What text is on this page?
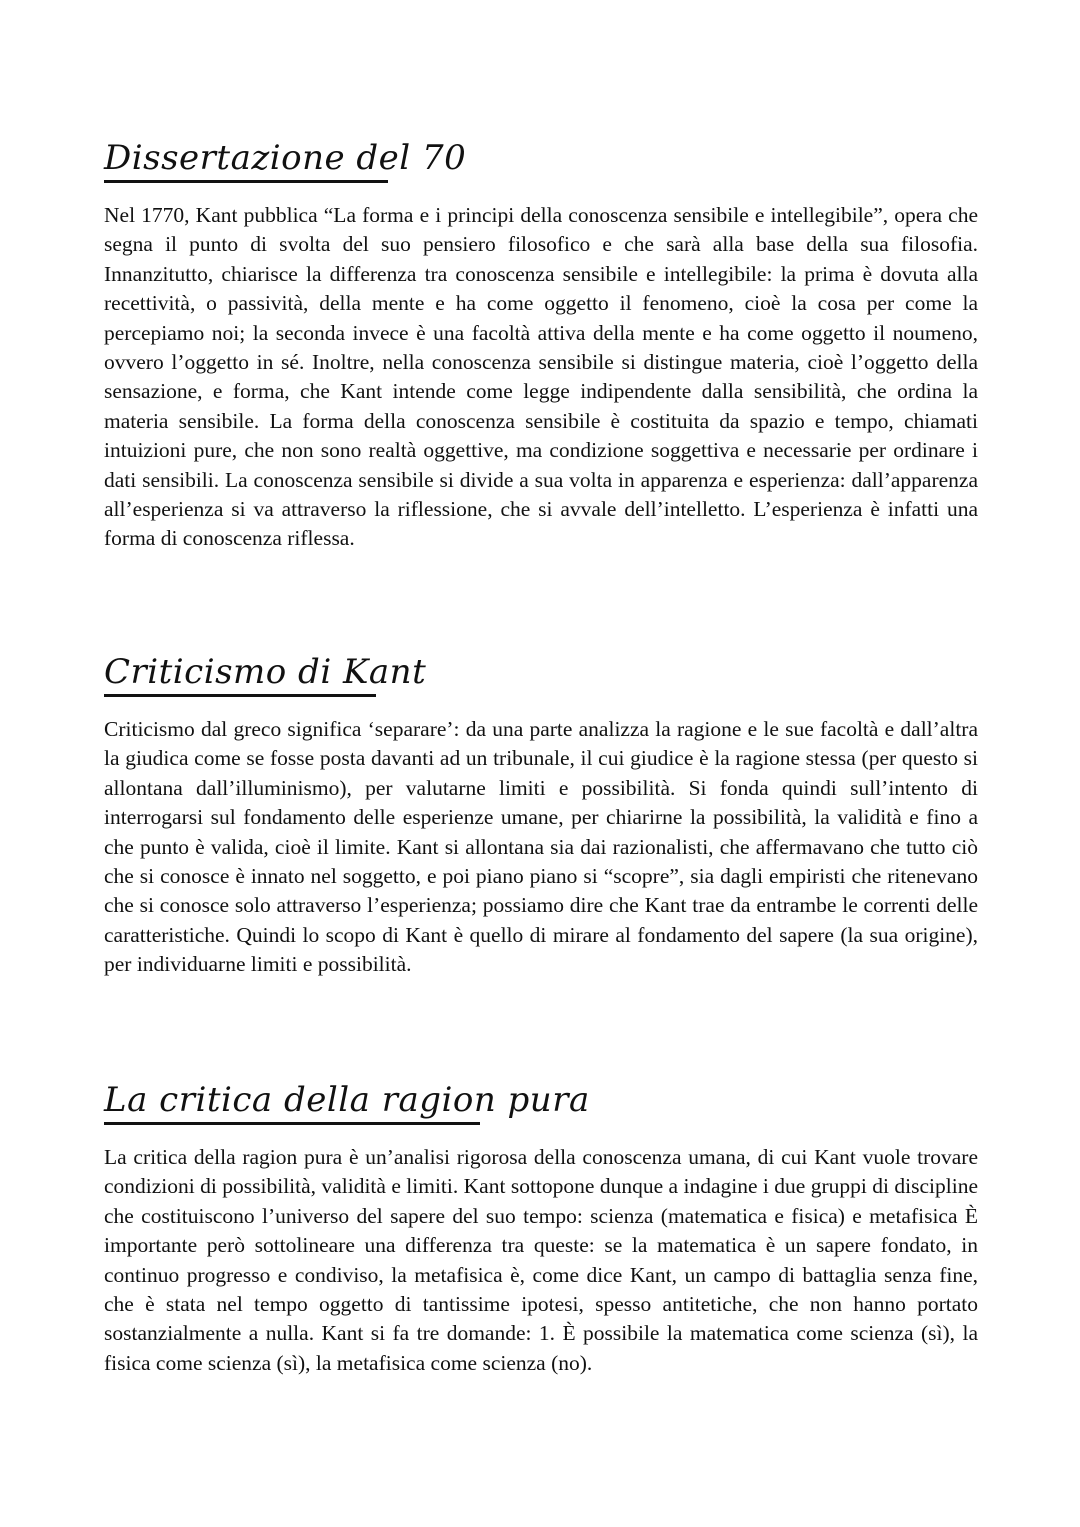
Dissertazione del 70

Nel 1770, Kant pubblica “La forma e i principi della conoscenza sensibile e intellegibile”, opera che segna il punto di svolta del suo pensiero filosofico e che sarà alla base della sua filosofia. Innanzitutto, chiarisce la differenza tra conoscenza sensibile e intellegibile: la prima è dovuta alla recettività, o passività, della mente e ha come oggetto il fenomeno, cioè la cosa per come la percepiamo noi; la seconda invece è una facoltà attiva della mente e ha come oggetto il noumeno, ovvero l’oggetto in sé. Inoltre, nella conoscenza sensibile si distingue materia, cioè l’oggetto della sensazione, e forma, che Kant intende come legge indipendente dalla sensibilità, che ordina la materia sensibile. La forma della conoscenza sensibile è costituita da spazio e tempo, chiamati intuizioni pure, che non sono realtà oggettive, ma condizione soggettiva e necessarie per ordinare i dati sensibili. La conoscenza sensibile si divide a sua volta in apparenza e esperienza: dall’apparenza all’esperienza si va attraverso la riflessione, che si avvale dell’intelletto. L’esperienza è infatti una forma di conoscenza riflessa.

Criticismo di Kant

Criticismo dal greco significa ‘separare’: da una parte analizza la ragione e le sue facoltà e dall’altra la giudica come se fosse posta davanti ad un tribunale, il cui giudice è la ragione stessa (per questo si allontana dall’illuminismo), per valutarne limiti e possibilità. Si fonda quindi sull’intento di interrogarsi sul fondamento delle esperienze umane, per chiarirne la possibilità, la validità e fino a che punto è valida, cioè il limite. Kant si allontana sia dai razionalisti, che affermavano che tutto ciò che si conosce è innato nel soggetto, e poi piano piano si “scopre”, sia dagli empiristi che ritenevano che si conosce solo attraverso l’esperienza; possiamo dire che Kant trae da entrambe le correnti delle caratteristiche. Quindi lo scopo di Kant è quello di mirare al fondamento del sapere (la sua origine), per individuarne limiti e possibilità.

La critica della ragion pura

La critica della ragion pura è un’analisi rigorosa della conoscenza umana, di cui Kant vuole trovare condizioni di possibilità, validità e limiti. Kant sottopone dunque a indagine i due gruppi di discipline che costituiscono l’universo del sapere del suo tempo: scienza (matematica e fisica) e metafisica È importante però sottolineare una differenza tra queste: se la matematica è un sapere fondato, in continuo progresso e condiviso, la metafisica è, come dice Kant, un campo di battaglia senza fine, che è stata nel tempo oggetto di tantissime ipotesi, spesso antitetiche, che non hanno portato sostanzialmente a nulla. Kant si fa tre domande: 1. È possibile la matematica come scienza (sì), la fisica come scienza (sì), la metafisica come scienza (no).
